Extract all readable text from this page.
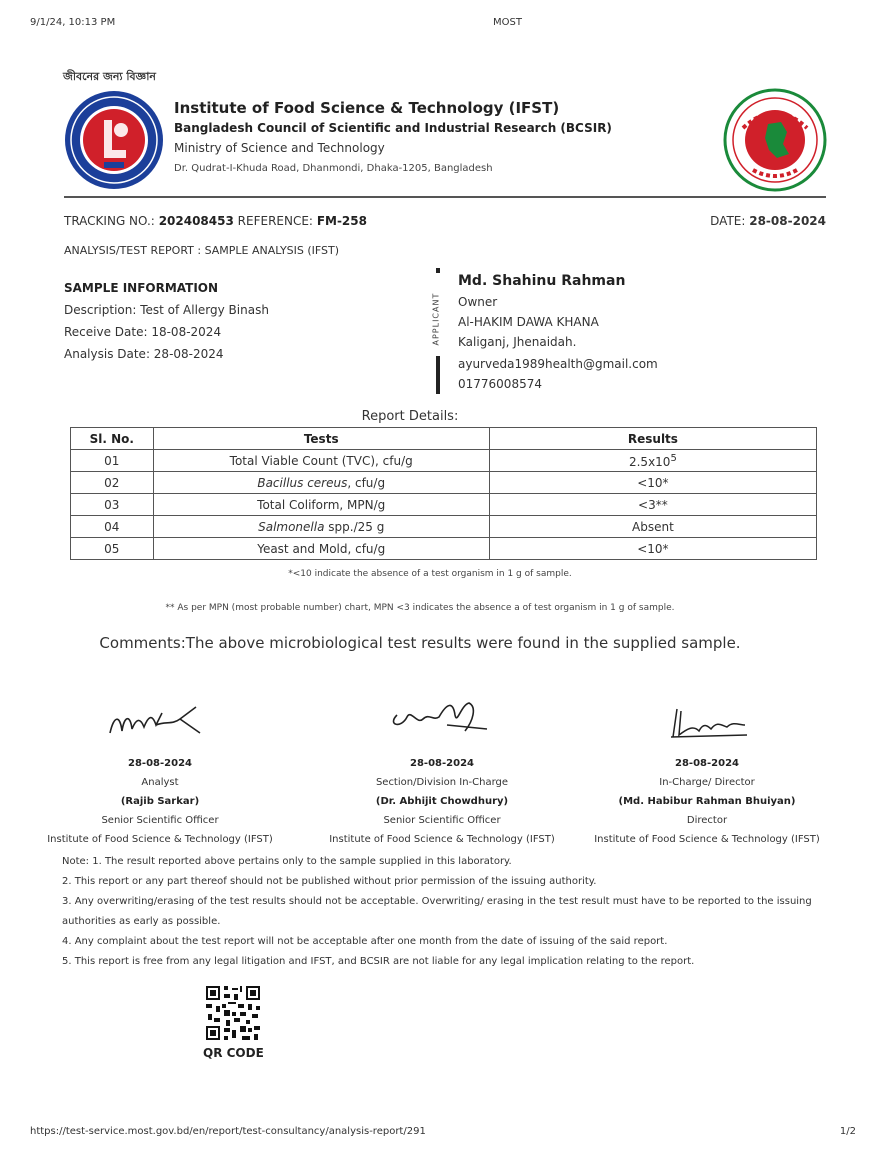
9/1/24, 10:13 PM	MOST
জীবনের জন্য বিজ্ঞান
Institute of Food Science & Technology (IFST)
Bangladesh Council of Scientific and Industrial Research (BCSIR)
Ministry of Science and Technology
Dr. Qudrat-I-Khuda Road, Dhanmondi, Dhaka-1205, Bangladesh
TRACKING NO.: 202408453 REFERENCE: FM-258	DATE: 28-08-2024
ANALYSIS/TEST REPORT : SAMPLE ANALYSIS (IFST)
SAMPLE INFORMATION
Description: Test of Allergy Binash
Receive Date: 18-08-2024
Analysis Date: 28-08-2024
APPLICANT
Md. Shahinu Rahman
Owner
Al-HAKIM DAWA KHANA
Kaliganj, Jhenaidah.
ayurveda1989health@gmail.com
01776008574
Report Details:
Sl. No.	Tests	Results
01	Total Viable Count (TVC), cfu/g	$2.5x10^5$
02	Bacillus cereus, cfu/g	<10*
03	Total Coliform, MPN/g	<3**
04	Salmonella spp./25 g	Absent
05	Yeast and Mold, cfu/g	<10*
*<10 indicate the absence of a test organism in 1 g of sample.
** As per MPN (most probable number) chart, MPN <3 indicates the absence a of test organism in 1 g of sample.
Comments:The above microbiological test results were found in the supplied sample.
28-08-2024
Analyst
(Rajib Sarkar)
Senior Scientific Officer
Institute of Food Science & Technology (IFST)
28-08-2024
Section/Division In-Charge
(Dr. Abhijit Chowdhury)
Senior Scientific Officer
Institute of Food Science & Technology (IFST)
28-08-2024
In-Charge/ Director
(Md. Habibur Rahman Bhuiyan)
Director
Institute of Food Science & Technology (IFST)
Note: 1. The result reported above pertains only to the sample supplied in this laboratory.
2. This report or any part thereof should not be published without prior permission of the issuing authority.
3. Any overwriting/erasing of the test results should not be acceptable. Overwriting/ erasing in the test result must have to be reported to the issuing authorities as early as possible.
4. Any complaint about the test report will not be acceptable after one month from the date of issuing of the said report.
5. This report is free from any legal litigation and IFST, and BCSIR are not liable for any legal implication relating to the report.
QR CODE
https://test-service.most.gov.bd/en/report/test-consultancy/analysis-report/291	1/2
